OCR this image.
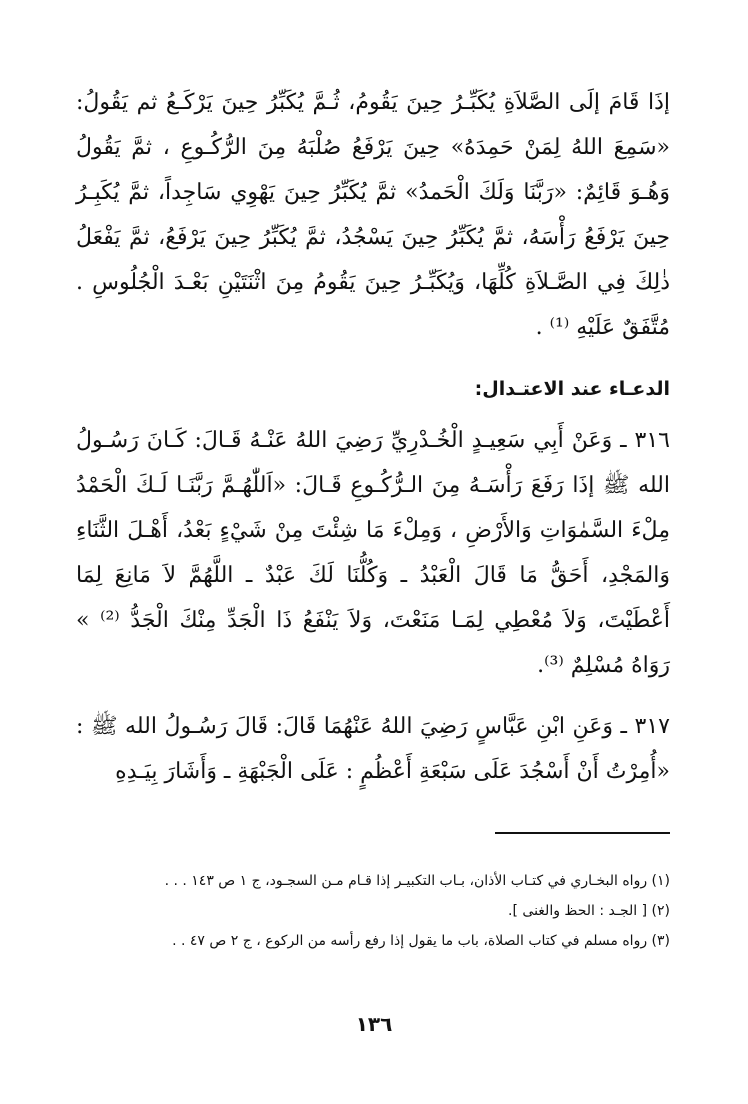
إذَا قَامَ إلَى الصَّلاَةِ يُكَبِّـرُ حِينَ يَقُومُ، ثُـمَّ يُكَبِّرُ حِينَ يَرْكَـعُ ثم يَقُولُ: «سَمِعَ اللهُ لِمَنْ حَمِدَهُ» حِينَ يَرْفَعُ صُلْبَهُ مِنَ الرُّكُـوعِ ، ثمَّ يَقُولُ وَهُـوَ قَائِمٌ: «رَبَّنَا وَلَكَ الْحَمدُ» ثمَّ يُكَبِّرُ حِينَ يَهْوِي سَاجِداً، ثمَّ يُكَبِـرُ حِينَ يَرْفَعُ رَأْسَهُ، ثمَّ يُكَبِّرُ حِينَ يَسْجُدُ، ثمَّ يُكَبِّرُ حِينَ يَرْفَعُ، ثمَّ يَفْعَلُ ذٰلِكَ فِي الصَّـلاَةِ كُلِّهَا، وَيُكَبِّـرُ حِينَ يَقُومُ مِنَ اثْنَتَيْنِ بَعْـدَ الْجُلُوسِ . مُتَّفَقٌ عَلَيْهِ ⁽¹⁾ .

الدعـاء عند الاعتـدال:

٣١٦ ـ وَعَنْ أَبِي سَعِيـدٍ الْخُـدْرِيِّ رَضِيَ اللهُ عَنْـهُ قَـالَ: كَـانَ رَسُـولُ الله ﷺ إذَا رَفَعَ رَأْسَـهُ مِنَ الـرُّكُـوعِ قَـالَ: «اَللّٰهُـمَّ رَبَّنَـا لَـكَ الْحَمْدُ مِلْءَ السَّمٰوَاتِ وَالأَرْضِ ، وَمِلْءَ مَا شِئْتَ مِنْ شَيْءٍ بَعْدُ، أَهْـلَ الثَّنَاءِ وَالمَجْدِ، أَحَقُّ مَا قَالَ الْعَبْدُ ـ وَكُلُّنَا لَكَ عَبْدٌ ـ اللَّهُمَّ لاَ مَانِعَ لِمَا أَعْطَيْتَ، وَلاَ مُعْطِي لِمَـا مَنَعْتَ، وَلاَ يَنْفَعُ ذَا الْجَدِّ مِنْكَ الْجَدُّ ⁽²⁾ » رَوَاهُ مُسْلِمٌ ⁽³⁾.

٣١٧ ـ وَعَنِ ابْنِ عَبَّاسٍ رَضِيَ اللهُ عَنْهُمَا قَالَ: قَالَ رَسُـولُ الله ﷺ : «أُمِرْتُ أَنْ أَسْجُدَ عَلَى سَبْعَةِ أَعْظُمٍ : عَلَى الْجَبْهَةِ ـ وَأَشَارَ بِيَـدِهِ

(١) رواه البخـاري في كتـاب الأذان، بـاب التكبيـر إذا قـام مـن السجـود، ج ١ ص ١٤٣ . . .

(٢) [ الجـد : الحظ والغنى ].

(٣) رواه مسلم في كتاب الصلاة، باب ما يقول إذا رفع رأسه من الركوع ، ج ٢ ص ٤٧ . .

١٣٦
